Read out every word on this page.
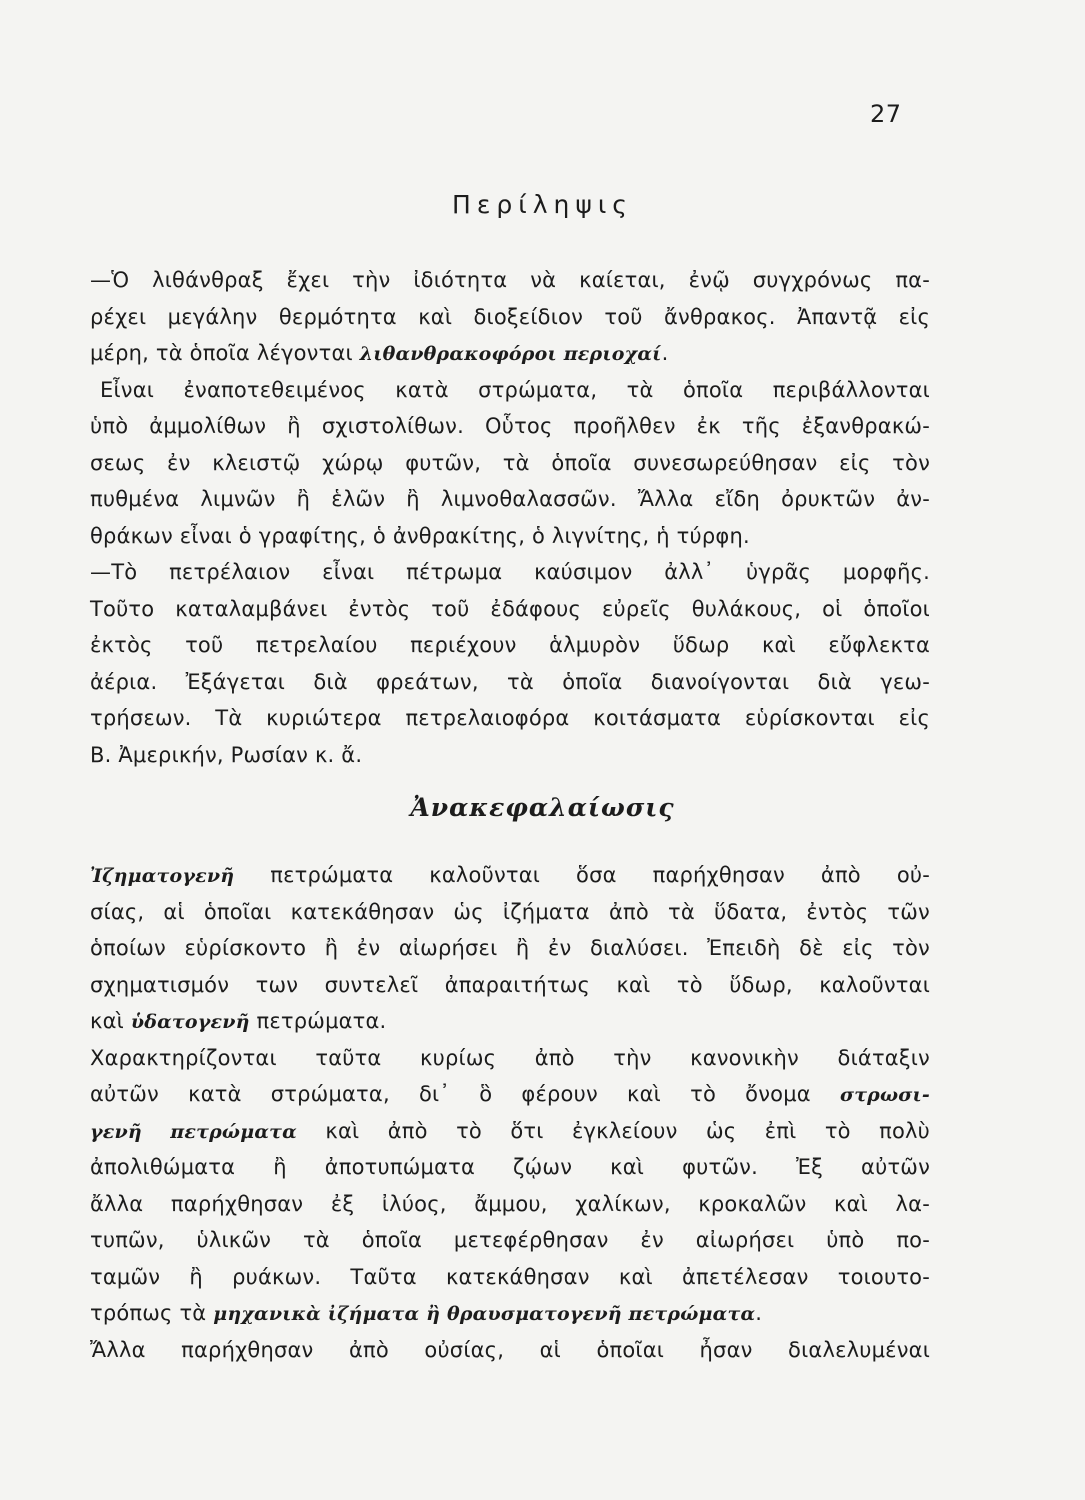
27
Περίληψις
—Ὁ λιθάνθραξ ἔχει τὴν ἰδιότητα νὰ καίεται, ἐνῷ συγχρόνως πα-
ρέχει μεγάλην θερμότητα καὶ διοξείδιον τοῦ ἄνθρακος. Ἀπαντᾷ εἰς
μέρη, τὰ ὁποῖα λέγονται λιθανθρακοφόροι περιοχαί.
Εἶναι ἐναποτεθειμένος κατὰ στρώματα, τὰ ὁποῖα περιβάλλονται
ὑπὸ ἀμμολίθων ἢ σχιστολίθων. Οὗτος προῆλθεν ἐκ τῆς ἐξανθρακώ-
σεως ἐν κλειστῷ χώρῳ φυτῶν, τὰ ὁποῖα συνεσωρεύθησαν εἰς τὸν
πυθμένα λιμνῶν ἢ ἑλῶν ἢ λιμνοθαλασσῶν. Ἄλλα εἴδη ὀρυκτῶν ἀν-
θράκων εἶναι ὁ γραφίτης, ὁ ἀνθρακίτης, ὁ λιγνίτης, ἡ τύρφη.
—Τὸ πετρέλαιον εἶναι πέτρωμα καύσιμον ἀλλ᾽ ὑγρᾶς μορφῆς.
Τοῦτο καταλαμβάνει ἐντὸς τοῦ ἐδάφους εὐρεῖς θυλάκους, οἱ ὁποῖοι
ἐκτὸς τοῦ πετρελαίου περιέχουν ἁλμυρὸν ὕδωρ καὶ εὔφλεκτα
ἀέρια. Ἐξάγεται διὰ φρεάτων, τὰ ὁποῖα διανοίγονται διὰ γεω-
τρήσεων. Τὰ κυριώτερα πετρελαιοφόρα κοιτάσματα εὑρίσκονται εἰς
Β. Ἀμερικήν, Ρωσίαν κ. ἄ.
Ἀνακεφαλαίωσις
Ἰζηματογενῆ πετρώματα καλοῦνται ὅσα παρήχθησαν ἀπὸ οὐ-
σίας, αἱ ὁποῖαι κατεκάθησαν ὡς ἰζήματα ἀπὸ τὰ ὕδατα, ἐντὸς τῶν
ὁποίων εὑρίσκοντο ἢ ἐν αἰωρήσει ἢ ἐν διαλύσει. Ἐπειδὴ δὲ εἰς τὸν
σχηματισμόν των συντελεῖ ἀπαραιτήτως καὶ τὸ ὕδωρ, καλοῦνται
καὶ ὑδατογενῆ πετρώματα.
Χαρακτηρίζονται ταῦτα κυρίως ἀπὸ τὴν κανονικὴν διάταξιν
αὐτῶν κατὰ στρώματα, δι᾽ ὃ φέρουν καὶ τὸ ὄνομα στρωσι-
γενῆ πετρώματα καὶ ἀπὸ τὸ ὅτι ἐγκλείουν ὡς ἐπὶ τὸ πολὺ
ἀπολιθώματα ἢ ἀποτυπώματα ζῴων καὶ φυτῶν. Ἐξ αὐτῶν
ἄλλα παρήχθησαν ἐξ ἰλύος, ἄμμου, χαλίκων, κροκαλῶν καὶ λα-
τυπῶν, ὑλικῶν τὰ ὁποῖα μετεφέρθησαν ἐν αἰωρήσει ὑπὸ πο-
ταμῶν ἢ ρυάκων. Ταῦτα κατεκάθησαν καὶ ἀπετέλεσαν τοιουτο-
τρόπως τὰ μηχανικὰ ἰζήματα ἢ θραυσματογενῆ πετρώματα.
Ἄλλα παρήχθησαν ἀπὸ οὐσίας, αἱ ὁποῖαι ἦσαν διαλελυμέναι
